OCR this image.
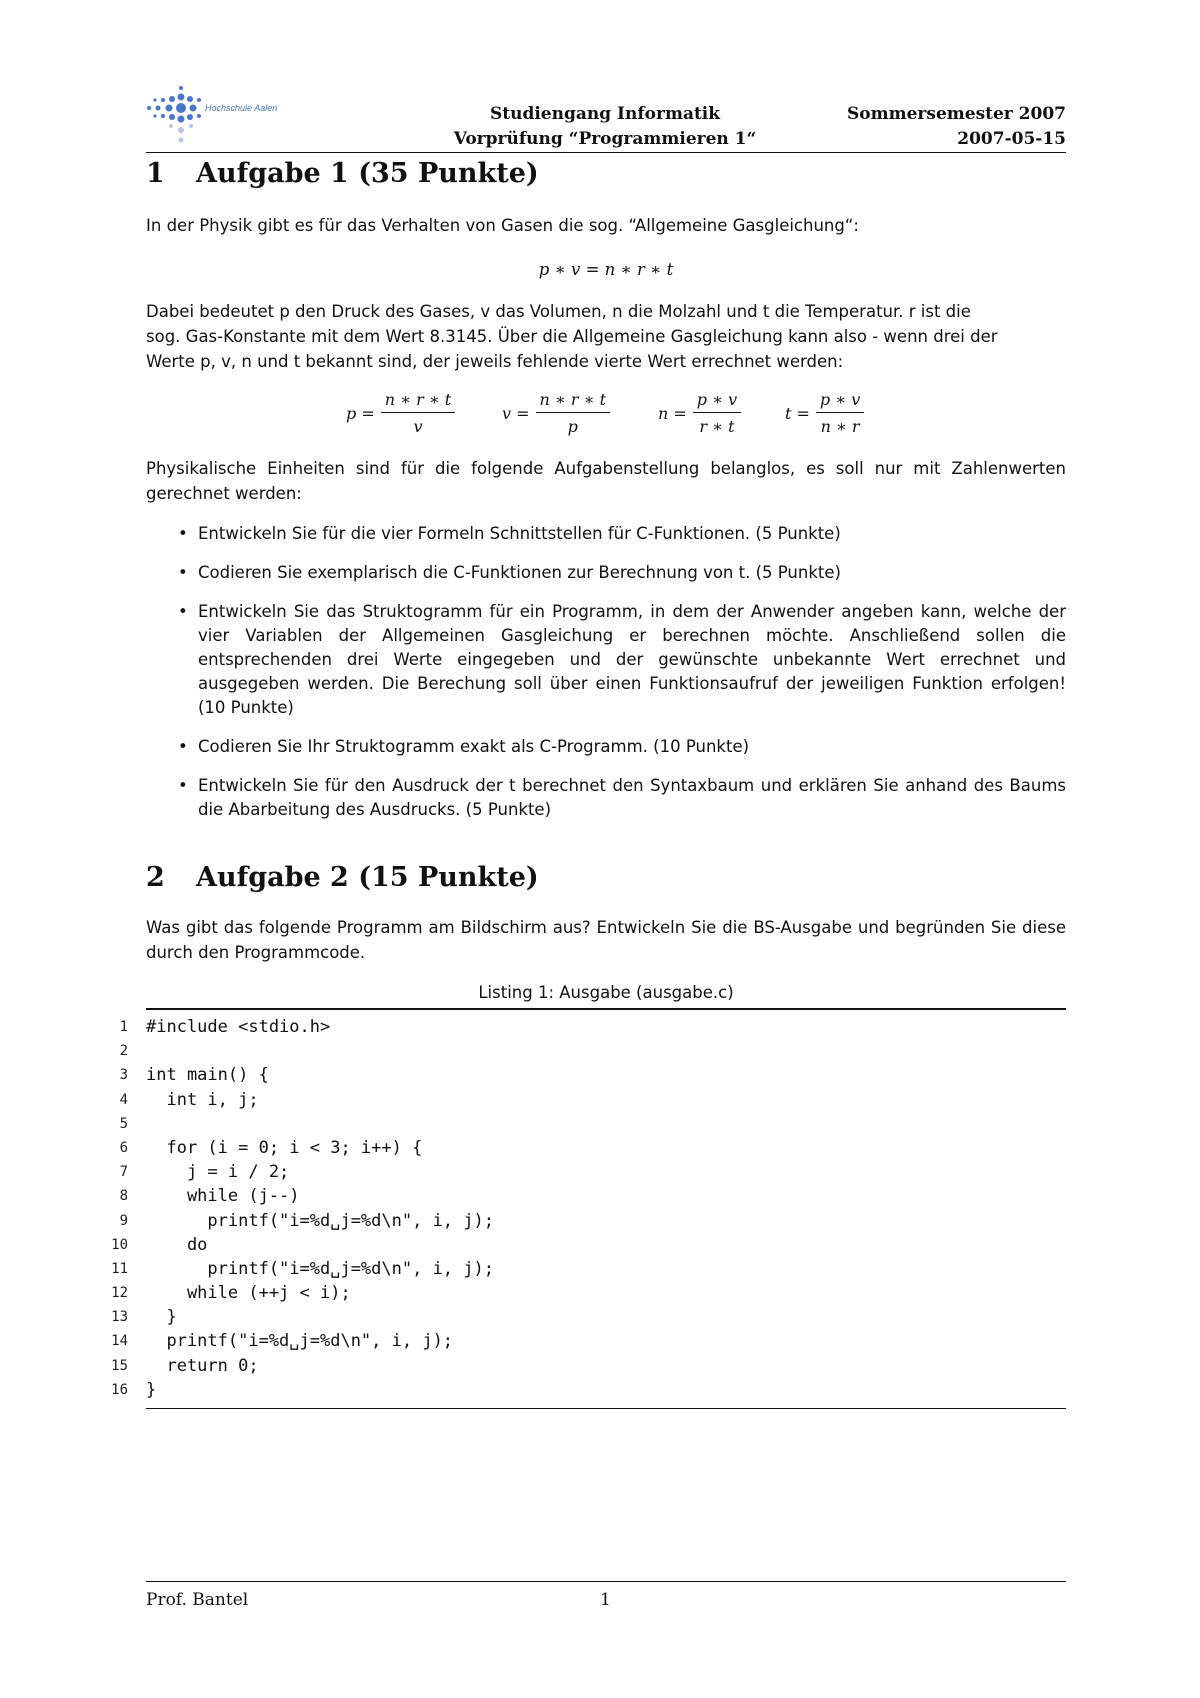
Hochschule Aalen	Studiengang Informatik
Vorprüfung “Programmieren 1“
Sommersemester 2007
2007-05-15
1 Aufgabe 1 (35 Punkte)
In der Physik gibt es für das Verhalten von Gasen die sog. “Allgemeine Gasgleichung“:
p ∗ v = n ∗ r ∗ t
Dabei bedeutet p den Druck des Gases, v das Volumen, n die Molzahl und t die Temperatur. r ist die
sog. Gas-Konstante mit dem Wert 8.3145. Über die Allgemeine Gasgleichung kann also - wenn drei der
Werte p, v, n und t bekannt sind, der jeweils fehlende vierte Wert errechnet werden:
$p = \frac{n ∗ r ∗ t}{v}$	$v = \frac{n ∗ r ∗ t}{p}$	$n = \frac{p ∗ v}{r ∗ t}$	$t = \frac{p ∗ v}{n ∗ r}$
Physikalische Einheiten sind für die folgende Aufgabenstellung belanglos, es soll nur mit Zahlenwerten gerechnet werden:
• Entwickeln Sie für die vier Formeln Schnittstellen für C-Funktionen. (5 Punkte)
• Codieren Sie exemplarisch die C-Funktionen zur Berechnung von t. (5 Punkte)
• Entwickeln Sie das Struktogramm für ein Programm, in dem der Anwender angeben kann, welche der vier Variablen der Allgemeinen Gasgleichung er berechnen möchte. Anschließend sollen die entsprechenden drei Werte eingegeben und der gewünschte unbekannte Wert errechnet und ausgegeben werden. Die Berechung soll über einen Funktionsaufruf der jeweiligen Funktion erfolgen! (10 Punkte)
• Codieren Sie Ihr Struktogramm exakt als C-Programm. (10 Punkte)
• Entwickeln Sie für den Ausdruck der t berechnet den Syntaxbaum und erklären Sie anhand des Baums die Abarbeitung des Ausdrucks. (5 Punkte)
2 Aufgabe 2 (15 Punkte)
Was gibt das folgende Programm am Bildschirm aus? Entwickeln Sie die BS-Ausgabe und begründen Sie diese durch den Programmcode.
Listing 1: Ausgabe (ausgabe.c)
1 #include <stdio.h>
2
3 int main() {
4 int i, j;
5
6 for (i = 0; i < 3; i++) {
7 j = i / 2;
8 while (j--)
9 printf("i=%d␣j=%d\n", i, j);
10 do
11 printf("i=%d␣j=%d\n", i, j);
12 while (++j < i);
13 }
14 printf("i=%d␣j=%d\n", i, j);
15 return 0;
16 }
Prof. Bantel	1
